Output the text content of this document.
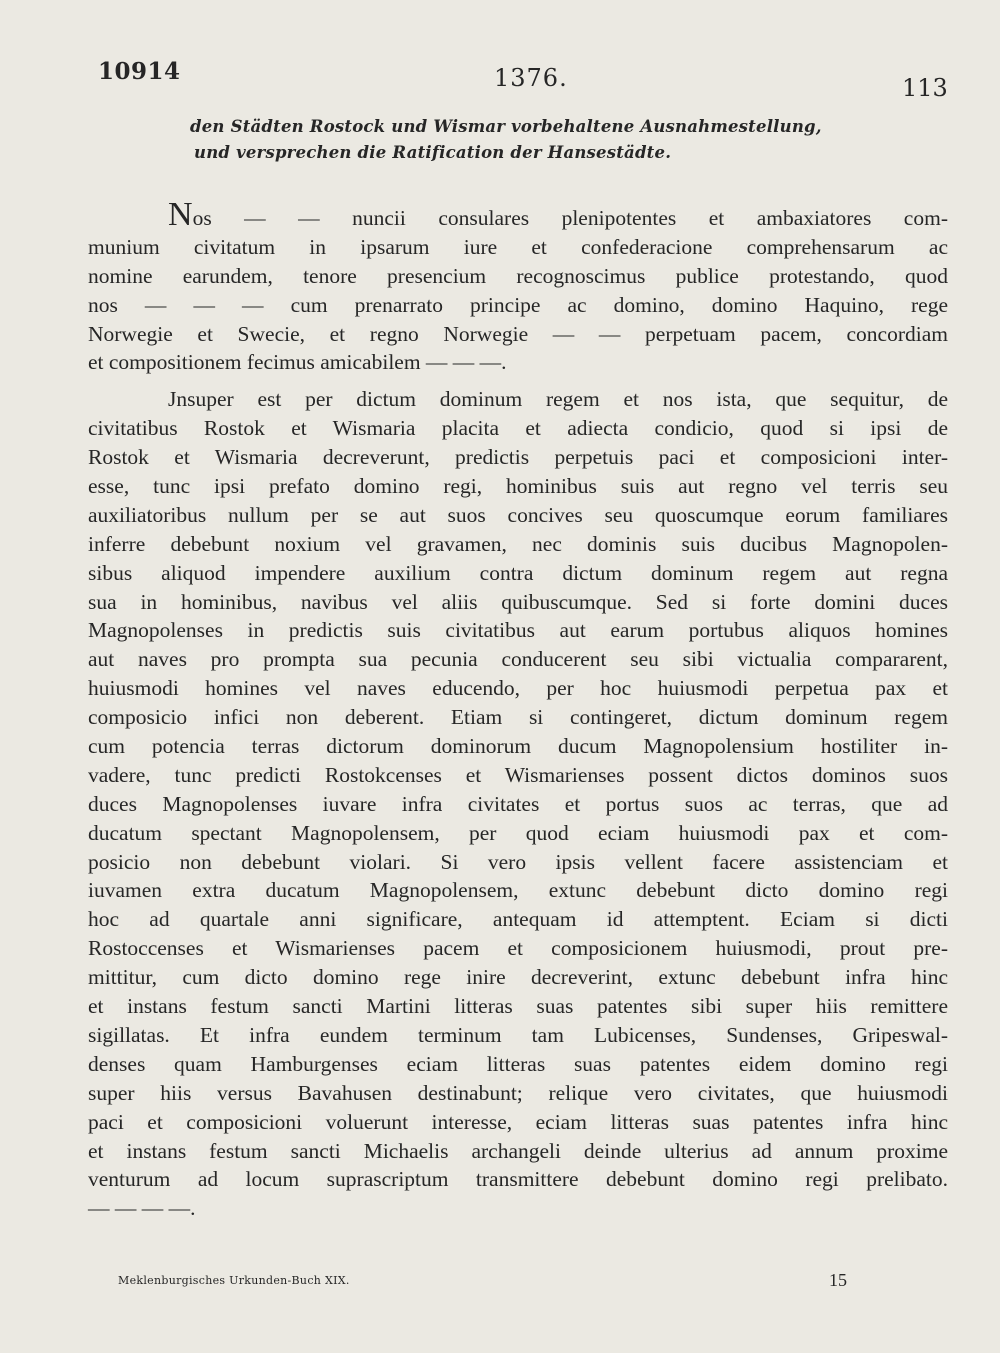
10914	1376.	113
den Städten Rostock und Wismar vorbehaltene Ausnahmestellung,
und versprechen die Ratification der Hansestädte.
Nos — — nuncii consulares plenipotentes et ambaxiatores com-
munium civitatum in ipsarum iure et confederacione comprehensarum ac
nomine earundem, tenore presencium recognoscimus publice protestando, quod
nos — — — cum prenarrato principe ac domino, domino Haquino, rege
Norwegie et Swecie, et regno Norwegie — — perpetuam pacem, concordiam
et compositionem fecimus amicabilem — — —.
Jnsuper est per dictum dominum regem et nos ista, que sequitur, de
civitatibus Rostok et Wismaria placita et adiecta condicio, quod si ipsi de
Rostok et Wismaria decreverunt, predictis perpetuis paci et composicioni inter-
esse, tunc ipsi prefato domino regi, hominibus suis aut regno vel terris seu
auxiliatoribus nullum per se aut suos concives seu quoscumque eorum familiares
inferre debebunt noxium vel gravamen, nec dominis suis ducibus Magnopolen-
sibus aliquod impendere auxilium contra dictum dominum regem aut regna
sua in hominibus, navibus vel aliis quibuscumque. Sed si forte domini duces
Magnopolenses in predictis suis civitatibus aut earum portubus aliquos homines
aut naves pro prompta sua pecunia conducerent seu sibi victualia compararent,
huiusmodi homines vel naves educendo, per hoc huiusmodi perpetua pax et
composicio infici non deberent. Etiam si contingeret, dictum dominum regem
cum potencia terras dictorum dominorum ducum Magnopolensium hostiliter in-
vadere, tunc predicti Rostokcenses et Wismarienses possent dictos dominos suos
duces Magnopolenses iuvare infra civitates et portus suos ac terras, que ad
ducatum spectant Magnopolensem, per quod eciam huiusmodi pax et com-
posicio non debebunt violari. Si vero ipsis vellent facere assistenciam et
iuvamen extra ducatum Magnopolensem, extunc debebunt dicto domino regi
hoc ad quartale anni significare, antequam id attemptent. Eciam si dicti
Rostoccenses et Wismarienses pacem et composicionem huiusmodi, prout pre-
mittitur, cum dicto domino rege inire decreverint, extunc debebunt infra hinc
et instans festum sancti Martini litteras suas patentes sibi super hiis remittere
sigillatas. Et infra eundem terminum tam Lubicenses, Sundenses, Gripeswal-
denses quam Hamburgenses eciam litteras suas patentes eidem domino regi
super hiis versus Bavahusen destinabunt; relique vero civitates, que huiusmodi
paci et composicioni voluerunt interesse, eciam litteras suas patentes infra hinc
et instans festum sancti Michaelis archangeli deinde ulterius ad annum proxime
venturum ad locum suprascriptum transmittere debebunt domino regi prelibato.
— — — —.
Meklenburgisches Urkunden-Buch XIX.	15
